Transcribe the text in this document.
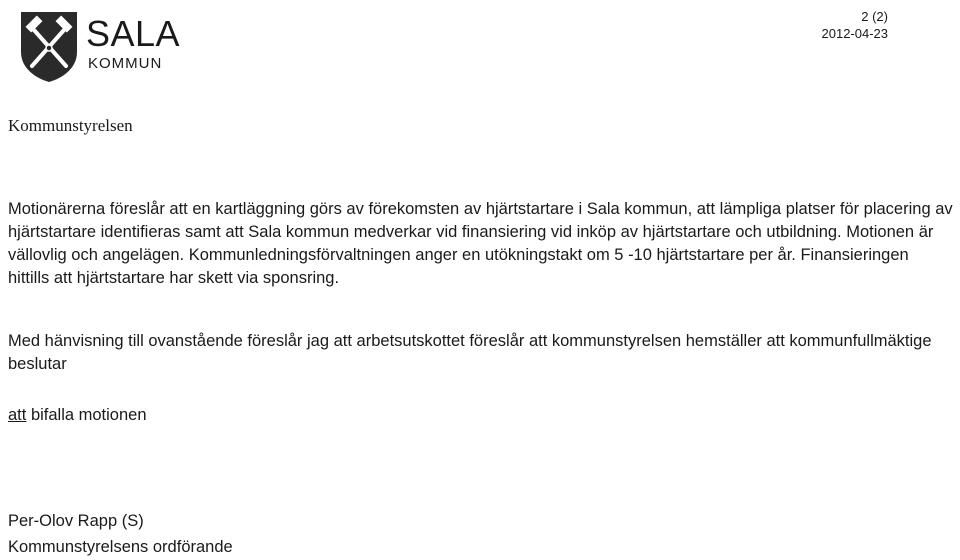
SALA
KOMMUN
2 (2)
2012-04-23
Kommunstyrelsen

Motionärerna föreslår att en kartläggning görs av förekomsten av hjärtstartare i Sala kommun, att lämpliga platser för placering av hjärtstartare identifieras samt att Sala kommun medverkar vid finansiering vid inköp av hjärtstartare och utbildning. Motionen är vällovlig och angelägen. Kommunledningsförvaltningen anger en utökningstakt om 5 -10 hjärtstartare per år. Finansieringen hittills att hjärtstartare har skett via sponsring.

Med hänvisning till ovanstående föreslår jag att arbetsutskottet föreslår att kommunstyrelsen hemställer att kommunfullmäktige beslutar

att bifalla motionen

Per-Olov Rapp (S)

Kommunstyrelsens ordförande
